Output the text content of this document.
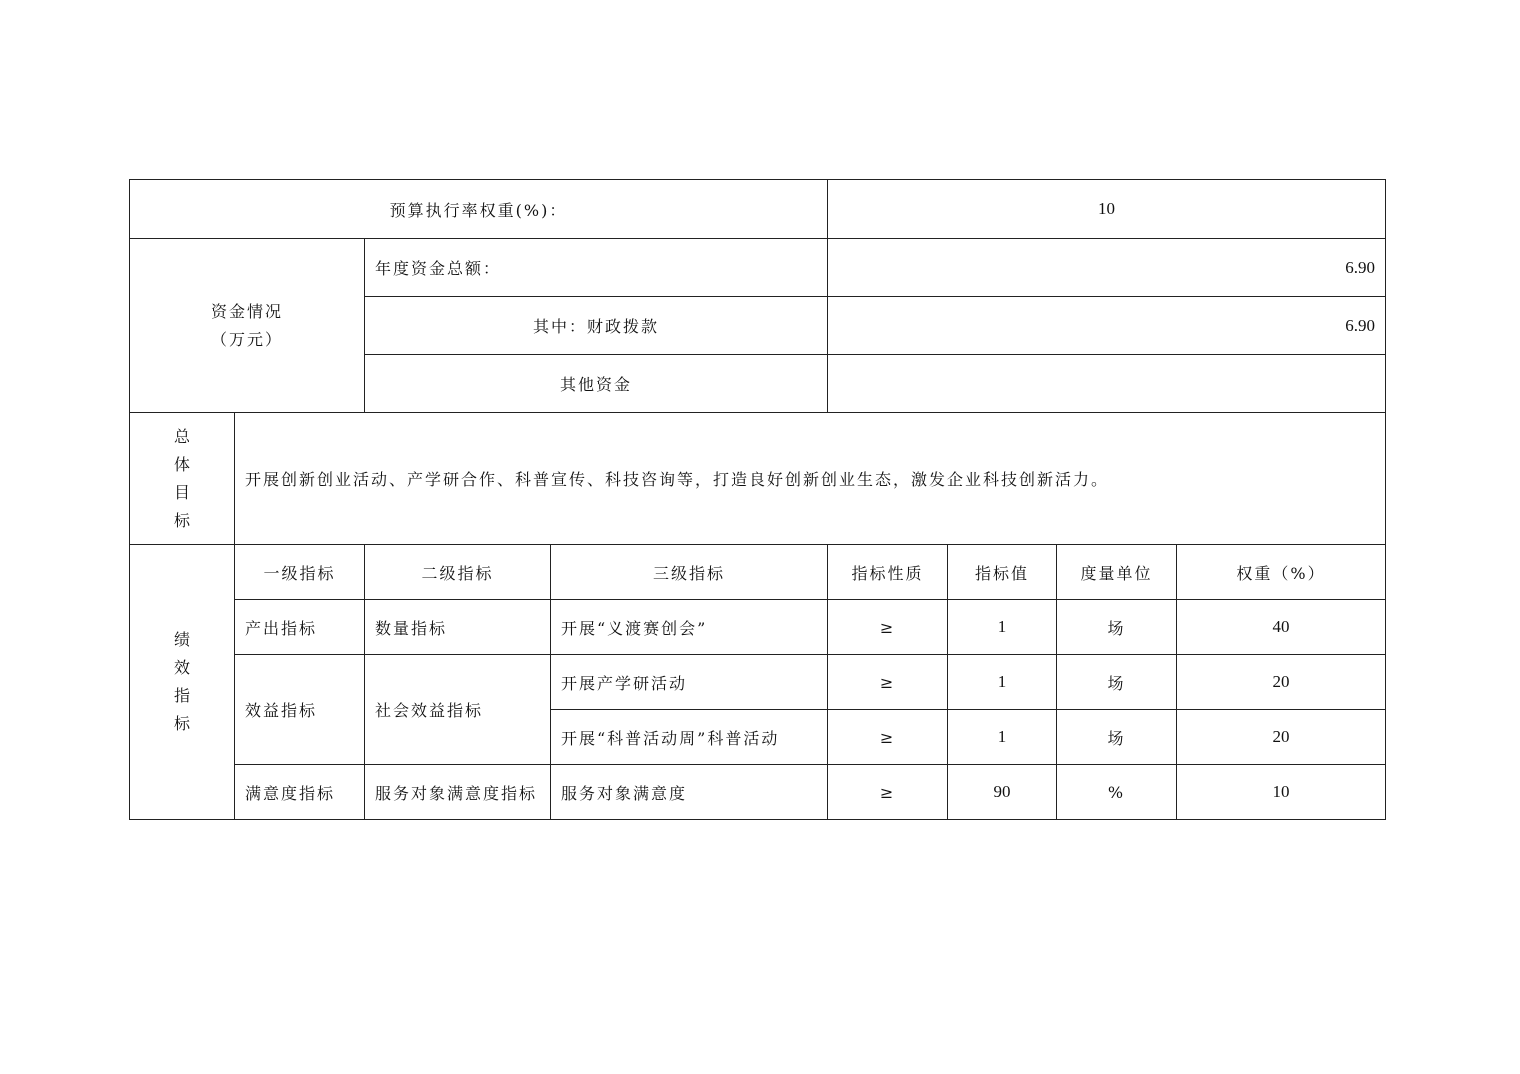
预算执行率权重(%)：				10			

资金情况
（万元）		年度资金总额：		6.90			
		其中：财政拨款		6.90			
		其他资金					

总
体
目
标	开展创新创业活动、产学研合作、科普宣传、科技咨询等，打造良好创新创业生态，激发企业科技创新活力。						

绩
效
指
标	一级指标	二级指标	三级指标	指标性质	指标值	度量单位	权重（%）
	产出指标	数量指标	开展“义渡赛创会”	≥	1	场	40
	效益指标	社会效益指标	开展产学研活动	≥	1	场	20
			开展“科普活动周”科普活动	≥	1	场	20
	满意度指标	服务对象满意度指标	服务对象满意度	≥	90	%	10
